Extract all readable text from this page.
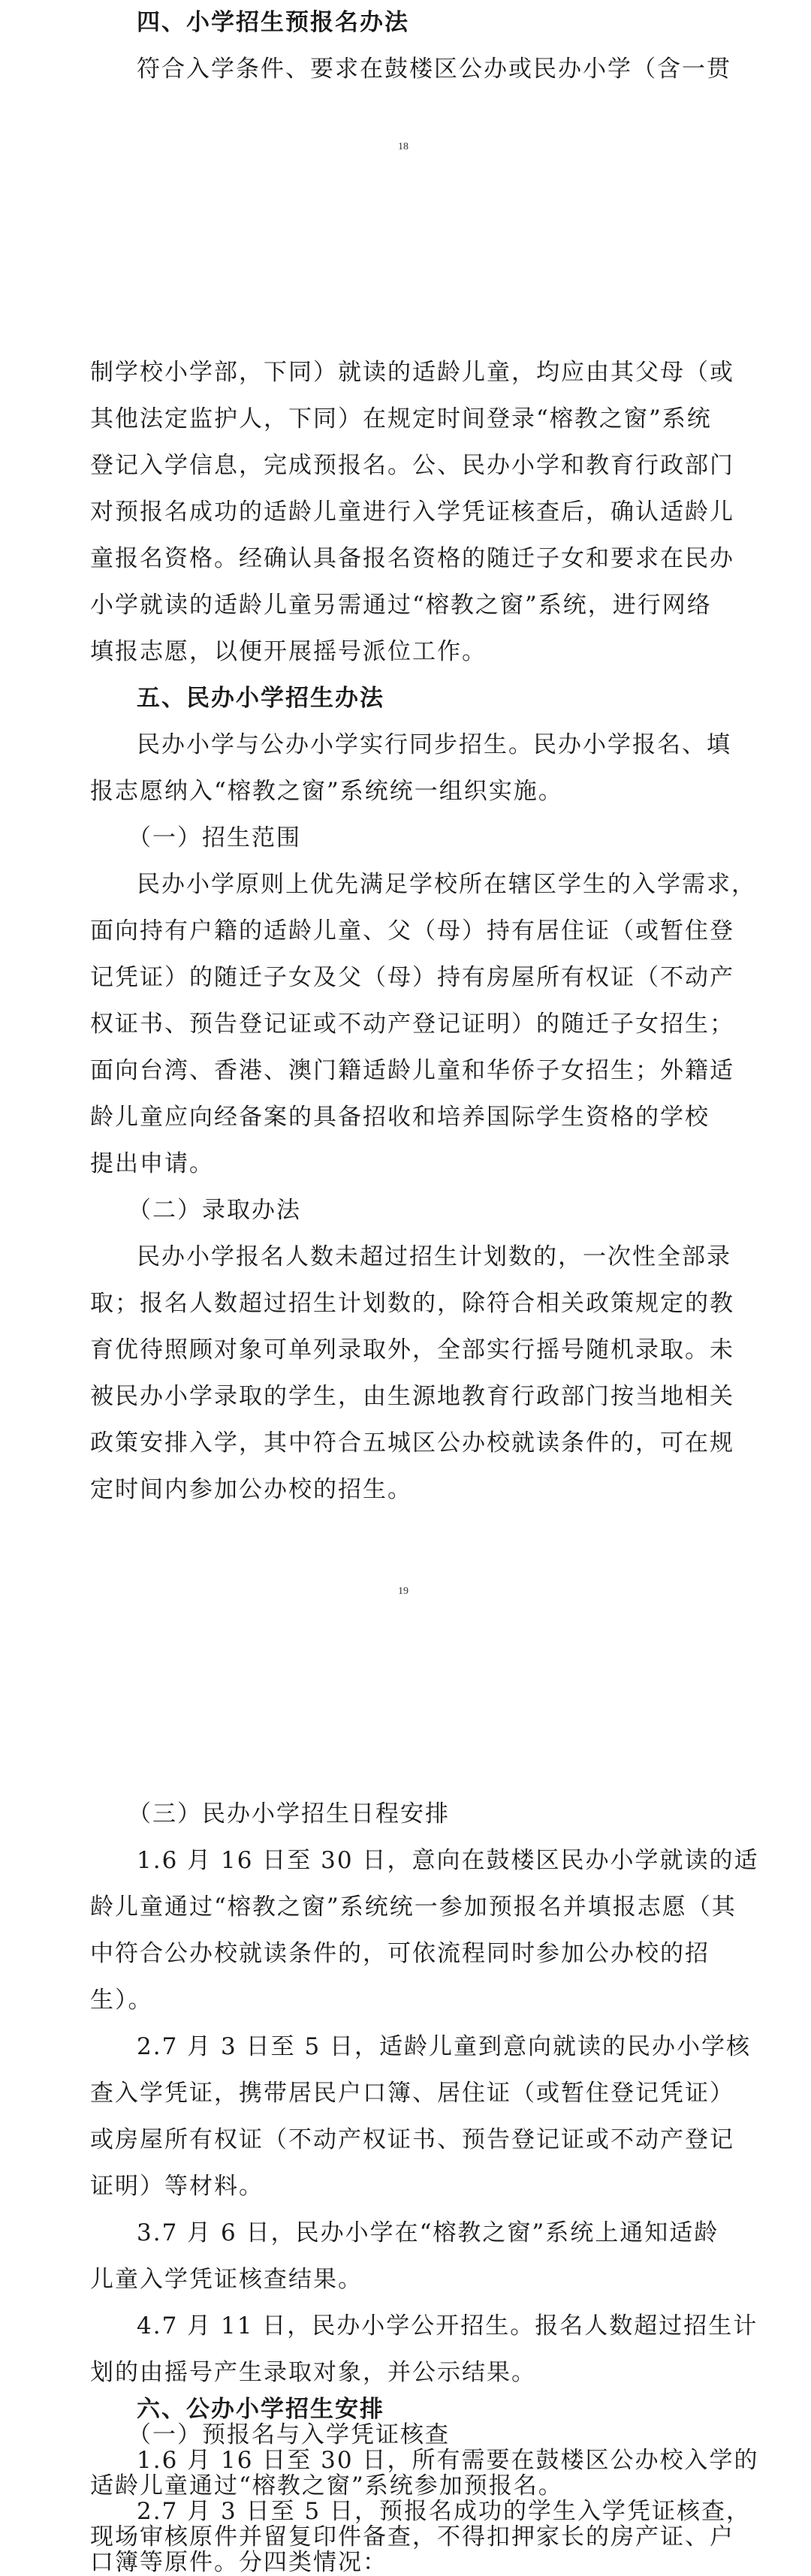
四、小学招生预报名办法
符合入学条件、要求在鼓楼区公办或民办小学（含一贯
18
制学校小学部，下同）就读的适龄儿童，均应由其父母（或
其他法定监护人，下同）在规定时间登录“榕教之窗”系统
登记入学信息，完成预报名。公、民办小学和教育行政部门
对预报名成功的适龄儿童进行入学凭证核查后，确认适龄儿
童报名资格。经确认具备报名资格的随迁子女和要求在民办
小学就读的适龄儿童另需通过“榕教之窗”系统，进行网络
填报志愿，以便开展摇号派位工作。
五、民办小学招生办法
民办小学与公办小学实行同步招生。民办小学报名、填
报志愿纳入“榕教之窗”系统统一组织实施。
（一）招生范围
民办小学原则上优先满足学校所在辖区学生的入学需求，
面向持有户籍的适龄儿童、父（母）持有居住证（或暂住登
记凭证）的随迁子女及父（母）持有房屋所有权证（不动产
权证书、预告登记证或不动产登记证明）的随迁子女招生；
面向台湾、香港、澳门籍适龄儿童和华侨子女招生；外籍适
龄儿童应向经备案的具备招收和培养国际学生资格的学校
提出申请。
（二）录取办法
民办小学报名人数未超过招生计划数的，一次性全部录
取；报名人数超过招生计划数的，除符合相关政策规定的教
育优待照顾对象可单列录取外，全部实行摇号随机录取。未
被民办小学录取的学生，由生源地教育行政部门按当地相关
政策安排入学，其中符合五城区公办校就读条件的，可在规
定时间内参加公办校的招生。
19
（三）民办小学招生日程安排
1.6 月 16 日至 30 日，意向在鼓楼区民办小学就读的适
龄儿童通过“榕教之窗”系统统一参加预报名并填报志愿（其
中符合公办校就读条件的，可依流程同时参加公办校的招
生）。
2.7 月 3 日至 5 日，适龄儿童到意向就读的民办小学核
查入学凭证，携带居民户口簿、居住证（或暂住登记凭证）
或房屋所有权证（不动产权证书、预告登记证或不动产登记
证明）等材料。
3.7 月 6 日，民办小学在“榕教之窗”系统上通知适龄
儿童入学凭证核查结果。
4.7 月 11 日，民办小学公开招生。报名人数超过招生计
划的由摇号产生录取对象，并公示结果。
六、公办小学招生安排
（一）预报名与入学凭证核查
1.6 月 16 日至 30 日，所有需要在鼓楼区公办校入学的
适龄儿童通过“榕教之窗”系统参加预报名。
2.7 月 3 日至 5 日，预报名成功的学生入学凭证核查，
现场审核原件并留复印件备查，不得扣押家长的房产证、户
口簿等原件。分四类情况：
